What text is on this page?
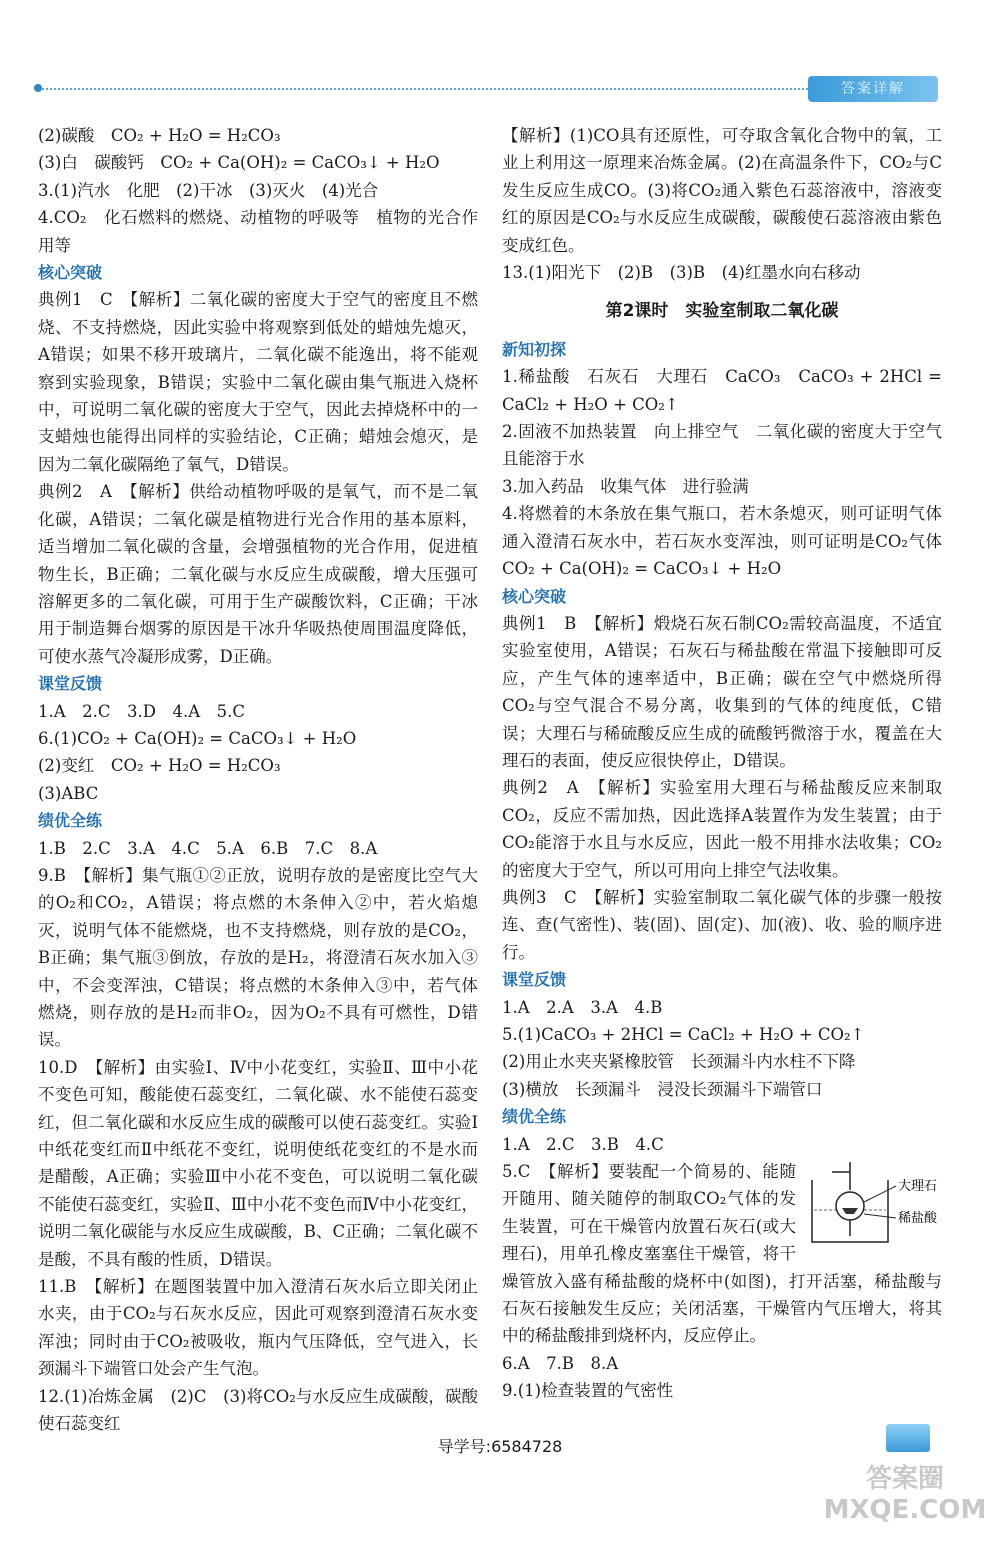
答案详解
(2)碳酸　CO₂ + H₂O = H₂CO₃
(3)白　碳酸钙　CO₂ + Ca(OH)₂ = CaCO₃↓ + H₂O
3.(1)汽水　化肥　(2)干冰　(3)灭火　(4)光合
4.CO₂　化石燃料的燃烧、动植物的呼吸等　植物的光合作用等
核心突破
典例1　C　【解析】二氧化碳的密度大于空气的密度且不燃烧、不支持燃烧，因此实验中将观察到低处的蜡烛先熄灭，A错误；如果不移开玻璃片，二氧化碳不能逸出，将不能观察到实验现象，B错误；实验中二氧化碳由集气瓶进入烧杯中，可说明二氧化碳的密度大于空气，因此去掉烧杯中的一支蜡烛也能得出同样的实验结论，C正确；蜡烛会熄灭，是因为二氧化碳隔绝了氧气，D错误。
典例2　A　【解析】供给动植物呼吸的是氧气，而不是二氧化碳，A错误；二氧化碳是植物进行光合作用的基本原料，适当增加二氧化碳的含量，会增强植物的光合作用，促进植物生长，B正确；二氧化碳与水反应生成碳酸，增大压强可溶解更多的二氧化碳，可用于生产碳酸饮料，C正确；干冰用于制造舞台烟雾的原因是干冰升华吸热使周围温度降低，可使水蒸气冷凝形成雾，D正确。
课堂反馈
1.A　2.C　3.D　4.A　5.C
6.(1)CO₂ + Ca(OH)₂ = CaCO₃↓ + H₂O
(2)变红　CO₂ + H₂O = H₂CO₃
(3)ABC
绩优全练
1.B　2.C　3.A　4.C　5.A　6.B　7.C　8.A
9.B　【解析】集气瓶①②正放，说明存放的是密度比空气大的O₂和CO₂，A错误；将点燃的木条伸入②中，若火焰熄灭，说明气体不能燃烧，也不支持燃烧，则存放的是CO₂，B正确；集气瓶③倒放，存放的是H₂，将澄清石灰水加入③中，不会变浑浊，C错误；将点燃的木条伸入③中，若气体燃烧，则存放的是H₂而非O₂，因为O₂不具有可燃性，D错误。
10.D　【解析】由实验Ⅰ、Ⅳ中小花变红，实验Ⅱ、Ⅲ中小花不变色可知，酸能使石蕊变红，二氧化碳、水不能使石蕊变红，但二氧化碳和水反应生成的碳酸可以使石蕊变红。实验Ⅰ中纸花变红而Ⅱ中纸花不变红，说明使纸花变红的不是水而是醋酸，A正确；实验Ⅲ中小花不变色，可以说明二氧化碳不能使石蕊变红，实验Ⅱ、Ⅲ中小花不变色而Ⅳ中小花变红，说明二氧化碳能与水反应生成碳酸，B、C正确；二氧化碳不是酸，不具有酸的性质，D错误。
11.B　【解析】在题图装置中加入澄清石灰水后立即关闭止水夹，由于CO₂与石灰水反应，因此可观察到澄清石灰水变浑浊；同时由于CO₂被吸收，瓶内气压降低，空气进入，长颈漏斗下端管口处会产生气泡。
12.(1)冶炼金属　(2)C　(3)将CO₂与水反应生成碳酸，碳酸使石蕊变红
【解析】(1)CO具有还原性，可夺取含氧化合物中的氧，工业上利用这一原理来冶炼金属。(2)在高温条件下，CO₂与C发生反应生成CO。(3)将CO₂通入紫色石蕊溶液中，溶液变红的原因是CO₂与水反应生成碳酸，碳酸使石蕊溶液由紫色变成红色。
13.(1)阳光下　(2)B　(3)B　(4)红墨水向右移动
第2课时　实验室制取二氧化碳
新知初探
1.稀盐酸　石灰石　大理石　CaCO₃　CaCO₃ + 2HCl = CaCl₂ + H₂O + CO₂↑
2.固液不加热装置　向上排空气　二氧化碳的密度大于空气且能溶于水
3.加入药品　收集气体　进行验满
4.将燃着的木条放在集气瓶口，若木条熄灭，则可证明气体通入澄清石灰水中，若石灰水变浑浊，则可证明是CO₂气体　CO₂ + Ca(OH)₂ = CaCO₃↓ + H₂O
核心突破
典例1　B　【解析】煅烧石灰石制CO₂需较高温度，不适宜实验室使用，A错误；石灰石与稀盐酸在常温下接触即可反应，产生气体的速率适中，B正确；碳在空气中燃烧所得CO₂与空气混合不易分离，收集到的气体的纯度低，C错误；大理石与稀硫酸反应生成的硫酸钙微溶于水，覆盖在大理石的表面，使反应很快停止，D错误。
典例2　A　【解析】实验室用大理石与稀盐酸反应来制取CO₂，反应不需加热，因此选择A装置作为发生装置；由于CO₂能溶于水且与水反应，因此一般不用排水法收集；CO₂的密度大于空气，所以可用向上排空气法收集。
典例3　C　【解析】实验室制取二氧化碳气体的步骤一般按连、查(气密性)、装(固)、固(定)、加(液)、收、验的顺序进行。
课堂反馈
1.A　2.A　3.A　4.B
5.(1)CaCO₃ + 2HCl = CaCl₂ + H₂O + CO₂↑
(2)用止水夹夹紧橡胶管　长颈漏斗内水柱不下降
(3)横放　长颈漏斗　浸没长颈漏斗下端管口
绩优全练
1.A　2.C　3.B　4.C
大理石
稀盐酸

5.C　【解析】要装配一个简易的、能随开随用、随关随停的制取CO₂气体的发生装置，可在干燥管内放置石灰石(或大理石)，用单孔橡皮塞塞住干燥管，将干燥管放入盛有稀盐酸的烧杯中(如图)，打开活塞，稀盐酸与石灰石接触发生反应；关闭活塞，干燥管内气压增大，将其中的稀盐酸排到烧杯内，反应停止。

6.A　7.B　8.A
9.(1)检查装置的气密性
导学号:6584728
答案圈 MXQE.COM
